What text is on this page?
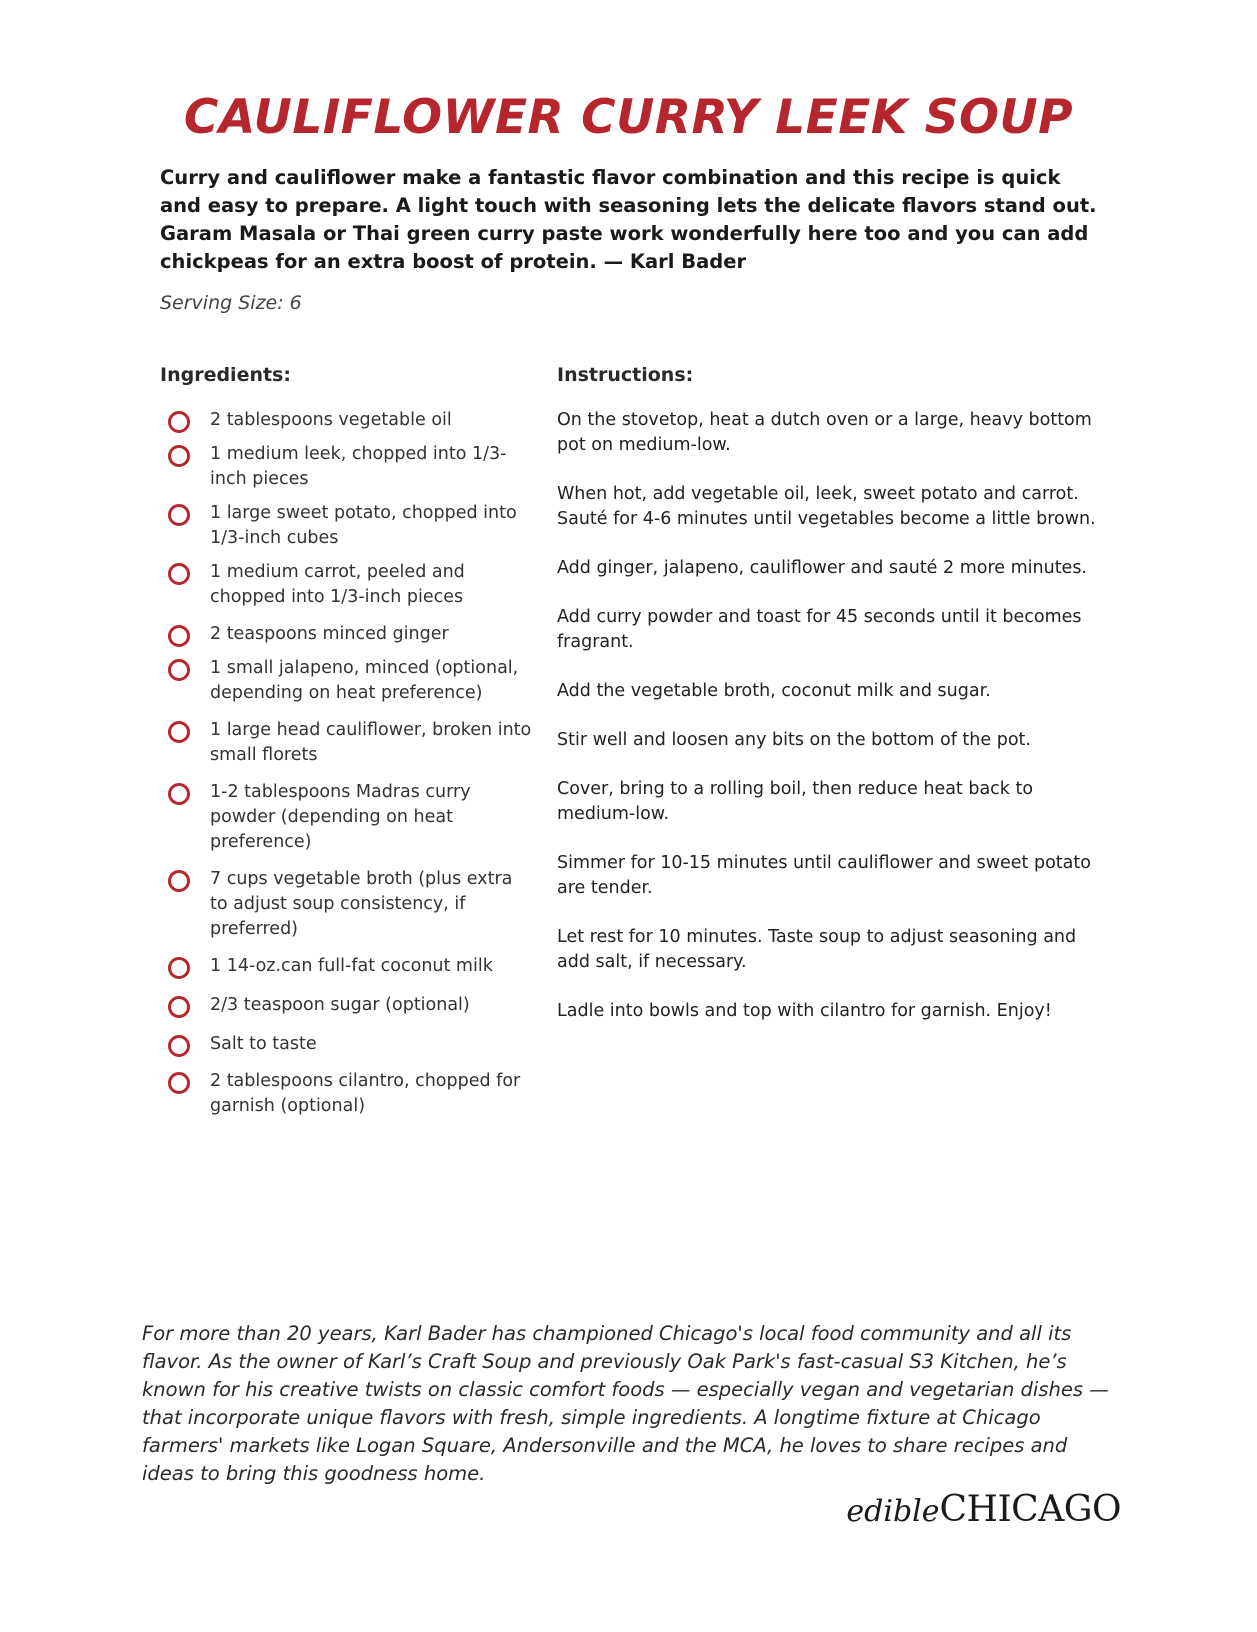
CAULIFLOWER CURRY LEEK SOUP

Curry and cauliflower make a fantastic flavor combination and this recipe is quick and easy to prepare. A light touch with seasoning lets the delicate flavors stand out. Garam Masala or Thai green curry paste work wonderfully here too and you can add chickpeas for an extra boost of protein. — Karl Bader

Serving Size: 6

Ingredients:	Instructions:
2 tablespoons vegetable oil
1 medium leek, chopped into 1/3-inch pieces
1 large sweet potato, chopped into 1/3-inch cubes
1 medium carrot, peeled and chopped into 1/3-inch pieces
2 teaspoons minced ginger
1 small jalapeno, minced (optional, depending on heat preference)
1 large head cauliflower, broken into small florets
1-2 tablespoons Madras curry powder (depending on heat preference)
7 cups vegetable broth (plus extra to adjust soup consistency, if preferred)
1 14-oz.can full-fat coconut milk
2/3 teaspoon sugar (optional)
Salt to taste
2 tablespoons cilantro, chopped for garnish (optional)
On the stovetop, heat a dutch oven or a large, heavy bottom pot on medium-low.
When hot, add vegetable oil, leek, sweet potato and carrot. Sauté for 4-6 minutes until vegetables become a little brown.
Add ginger, jalapeno, cauliflower and sauté 2 more minutes.
Add curry powder and toast for 45 seconds until it becomes fragrant.
Add the vegetable broth, coconut milk and sugar.
Stir well and loosen any bits on the bottom of the pot.
Cover, bring to a rolling boil, then reduce heat back to medium-low.
Simmer for 10-15 minutes until cauliflower and sweet potato are tender.
Let rest for 10 minutes. Taste soup to adjust seasoning and add salt, if necessary.
Ladle into bowls and top with cilantro for garnish. Enjoy!

For more than 20 years, Karl Bader has championed Chicago's local food community and all its flavor. As the owner of Karl’s Craft Soup and previously Oak Park's fast-casual S3 Kitchen, he’s known for his creative twists on classic comfort foods — especially vegan and vegetarian dishes — that incorporate unique flavors with fresh, simple ingredients. A longtime fixture at Chicago farmers' markets like Logan Square, Andersonville and the MCA, he loves to share recipes and ideas to bring this goodness home.

edibleCHICAGO
